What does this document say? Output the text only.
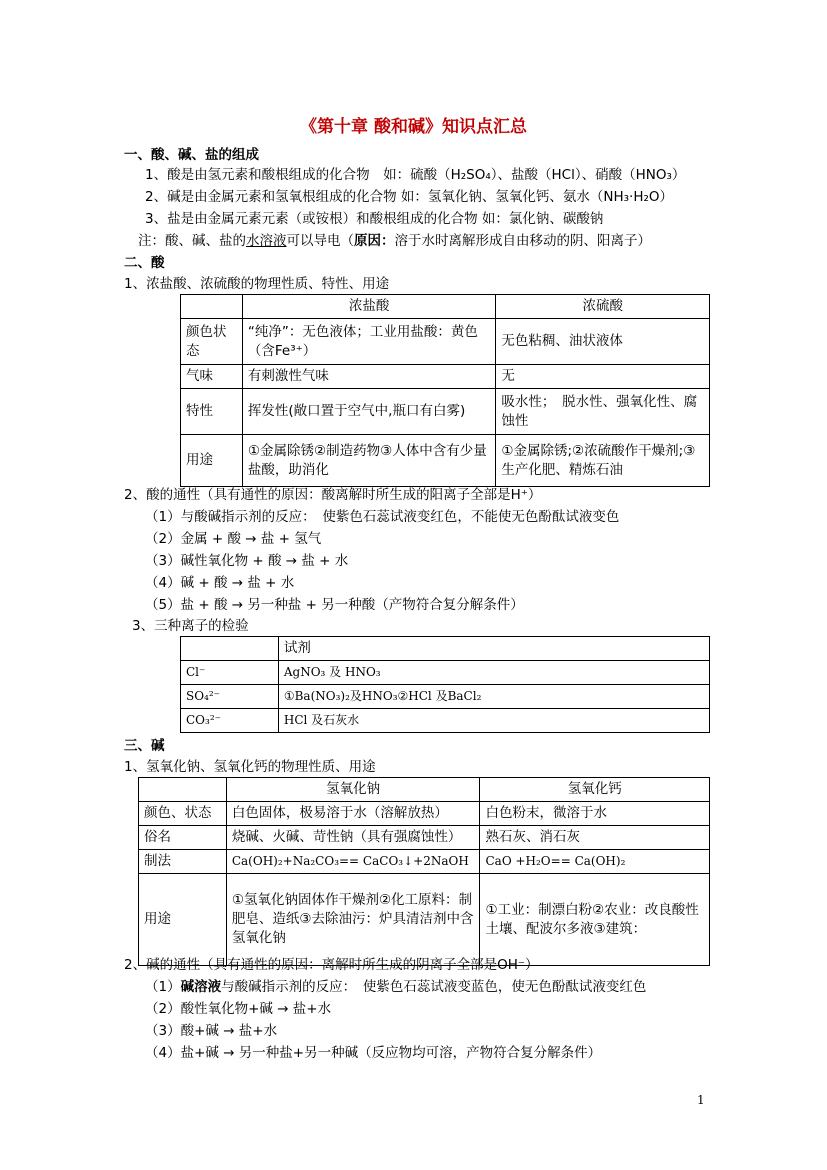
《第十章 酸和碱》知识点汇总
一、酸、碱、盐的组成
1、酸是由氢元素和酸根组成的化合物　如：硫酸（H₂SO₄）、盐酸（HCl）、硝酸（HNO₃）
2、碱是由金属元素和氢氧根组成的化合物 如：氢氧化钠、氢氧化钙、氨水（NH₃·H₂O）
3、盐是由金属元素元素（或铵根）和酸根组成的化合物 如：氯化钠、碳酸钠
注：酸、碱、盐的水溶液可以导电（原因：溶于水时离解形成自由移动的阴、阳离子）
二、酸
1、浓盐酸、浓硫酸的物理性质、特性、用途
	浓盐酸	浓硫酸
颜色状态	“纯净”：无色液体；工业用盐酸：黄色（含Fe³⁺）	无色粘稠、油状液体
气味	有刺激性气味	无
特性	挥发性(敞口置于空气中,瓶口有白雾)	吸水性；　脱水性、强氧化性、腐蚀性
用途	①金属除锈②制造药物③人体中含有少量盐酸，助消化	①金属除锈;②浓硫酸作干燥剂;③生产化肥、精炼石油
2、酸的通性（具有通性的原因：酸离解时所生成的阳离子全部是H⁺）
（1）与酸碱指示剂的反应：　使紫色石蕊试液变红色，不能使无色酚酞试液变色
（2）金属 + 酸 → 盐 + 氢气
（3）碱性氧化物 + 酸 → 盐 + 水
（4）碱 + 酸 → 盐 + 水
（5）盐 + 酸 → 另一种盐 + 另一种酸（产物符合复分解条件）
3、三种离子的检验
	试剂
Cl⁻	AgNO₃ 及 HNO₃
SO₄²⁻	①Ba(NO₃)₂及HNO₃②HCl 及BaCl₂
CO₃²⁻	HCl 及石灰水
三、碱
1、氢氧化钠、氢氧化钙的物理性质、用途
	氢氧化钠	氢氧化钙
颜色、状态	白色固体，极易溶于水（溶解放热）	白色粉末，微溶于水
俗名	烧碱、火碱、苛性钠（具有强腐蚀性）	熟石灰、消石灰
制法	Ca(OH)₂+Na₂CO₃== CaCO₃↓+2NaOH	CaO +H₂O== Ca(OH)₂
用途	①氢氧化钠固体作干燥剂②化工原料：制肥皂、造纸③去除油污：炉具清洁剂中含氢氧化钠	①工业：制漂白粉②农业：改良酸性土壤、配波尔多液③建筑：
2、碱的通性（具有通性的原因：离解时所生成的阴离子全部是OH⁻）
（1）碱溶液与酸碱指示剂的反应：　使紫色石蕊试液变蓝色，使无色酚酞试液变红色
（2）酸性氧化物+碱 → 盐+水
（3）酸+碱 → 盐+水
（4）盐+碱 → 另一种盐+另一种碱（反应物均可溶，产物符合复分解条件）
1
